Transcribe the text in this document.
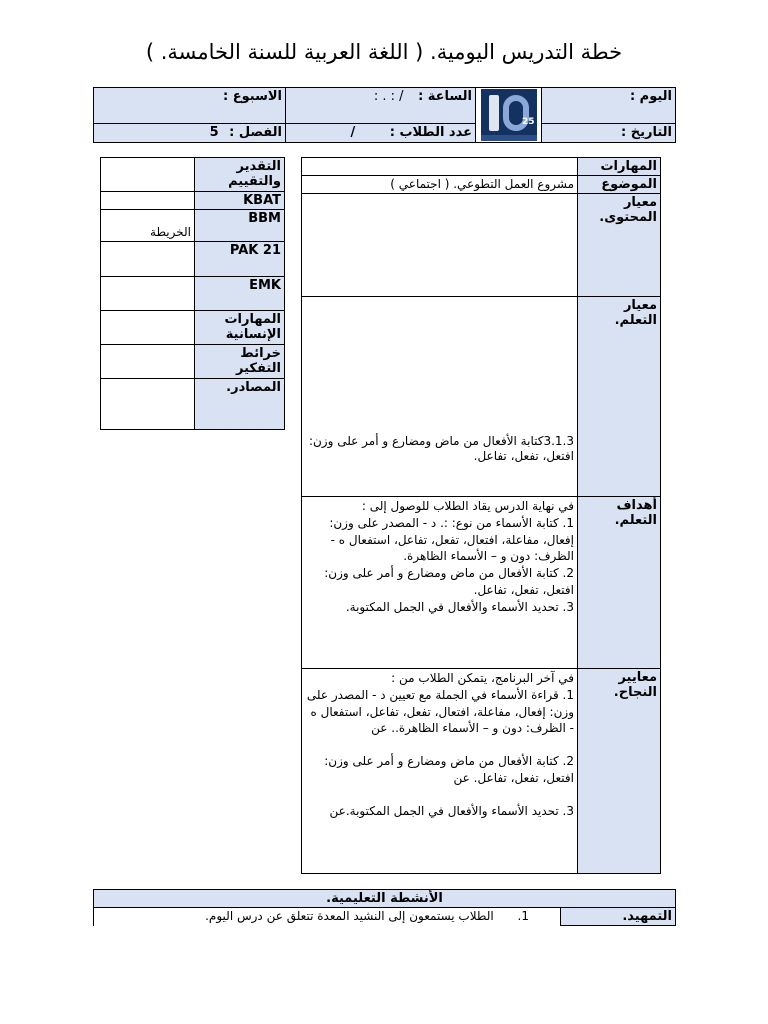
خطة التدريس اليومية. ( اللغة العربية للسنة الخامسة. )
اليوم :	25	الساعة : / : . :	الاسبوع :
التاريخ :		عدد الطلاب : /	الفصل : 5
المهارات	
الموضوع	مشروع العمل التطوعي. ( اجتماعي )
معيار المحتوى.	
معيار التعلم.	3.1.3كتابة الأفعال من ماض ومضارع و أمر على وزن: افتعل، تفعل، تفاعل.
أهداف التعلم.	في نهاية الدرس يقاد الطلاب للوصول إلى :
1. كتابة الأسماء من نوع: :. د - المصدر على وزن: إفعال، مفاعلة، افتعال، تفعل، تفاعل، استفعال ه - الظرف: دون و – الأسماء الظاهرة.
2. كتابة الأفعال من ماض ومضارع و أمر على وزن: افتعل، تفعل، تفاعل.
3. تحديد الأسماء والأفعال في الجمل المكتوبة.

معايير النجاح.	في آخر البرنامج، يتمكن الطلاب من :
1. قراءة الأسماء في الجملة مع تعيين د - المصدر على وزن: إفعال، مفاعلة، افتعال، تفعل، تفاعل، استفعال ه - الظرف: دون و – الأسماء الظاهرة.. عن
2. كتابة الأفعال من ماض ومضارع و أمر على وزن: افتعل، تفعل، تفاعل. عن
3. تحديد الأسماء والأفعال في الجمل المكتوبة.عن
التقدير والتقييم	
KBAT	
BBM	الخريطة
PAK 21	
EMK	
المهارات الإنسانية	
خرائط التفكير	
المصادر.	
الأنشطة التعليمية.
التمهيد.	1. الطلاب يستمعون إلى النشيد المعدة تتعلق عن درس اليوم.
